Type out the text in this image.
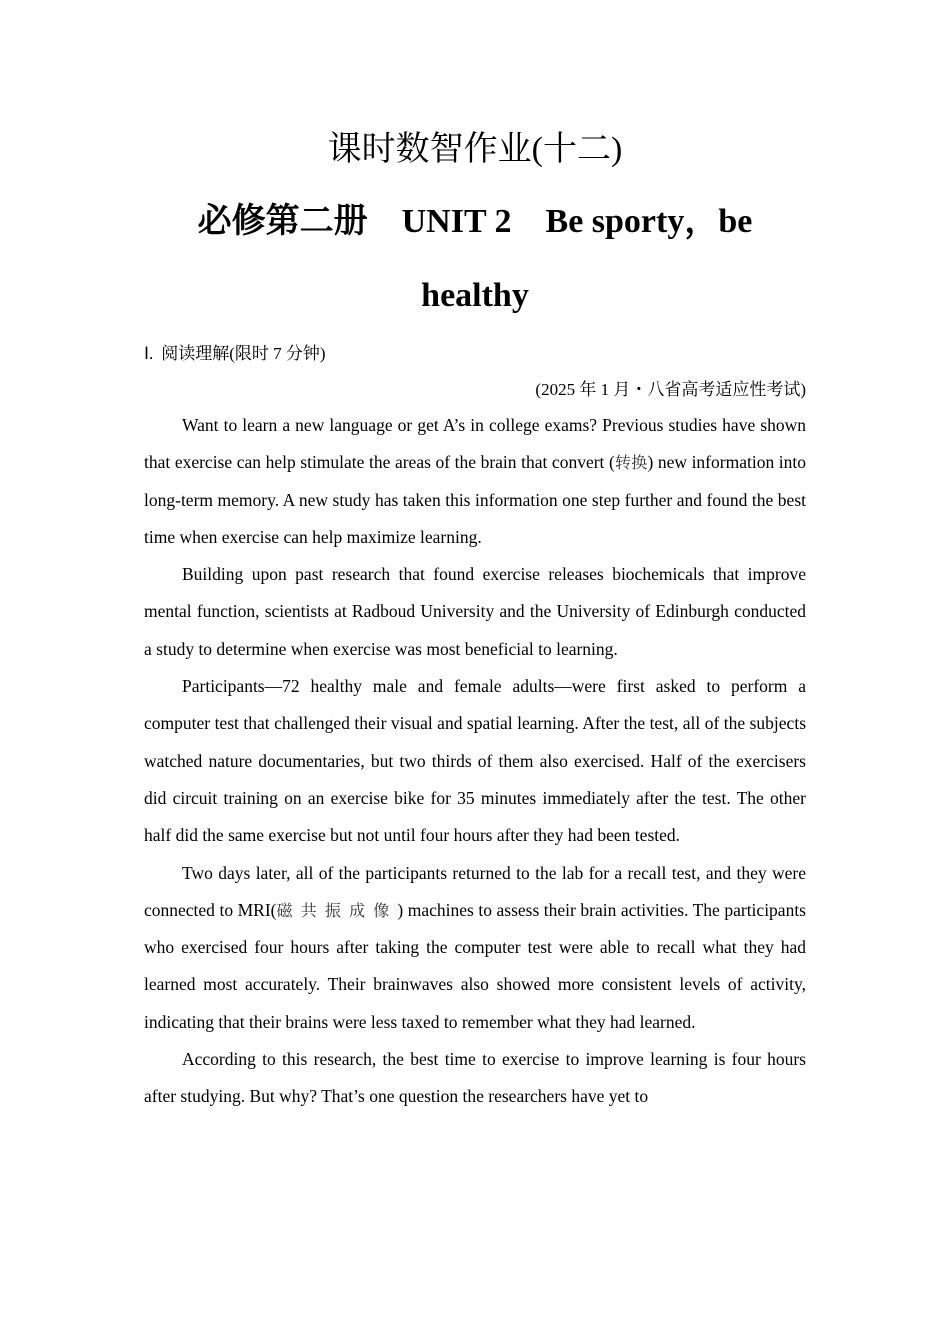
课时数智作业(十二)
必修第二册　UNIT 2　Be sporty，be
healthy
Ⅰ. 阅读理解(限时 7 分钟)
(2025 年 1 月・八省高考适应性考试)

Want to learn a new language or get A’s in college exams? Previous studies have shown that exercise can help stimulate the areas of the brain that convert (转换) new information into long-term memory. A new study has taken this information one step further and found the best time when exercise can help maximize learning.

Building upon past research that found exercise releases biochemicals that improve mental function, scientists at Radboud University and the University of Edinburgh conducted a study to determine when exercise was most beneficial to learning.

Participants—72 healthy male and female adults—were first asked to perform a computer test that challenged their visual and spatial learning. After the test, all of the subjects watched nature documentaries, but two thirds of them also exercised. Half of the exercisers did circuit training on an exercise bike for 35 minutes immediately after the test. The other half did the same exercise but not until four hours after they had been tested.

Two days later, all of the participants returned to the lab for a recall test, and they were connected to MRI(磁共振成像) machines to assess their brain activities. The participants who exercised four hours after taking the computer test were able to recall what they had learned most accurately. Their brainwaves also showed more consistent levels of activity, indicating that their brains were less taxed to remember what they had learned.

According to this research, the best time to exercise to improve learning is four hours after studying. But why? That’s one question the researchers have yet to
